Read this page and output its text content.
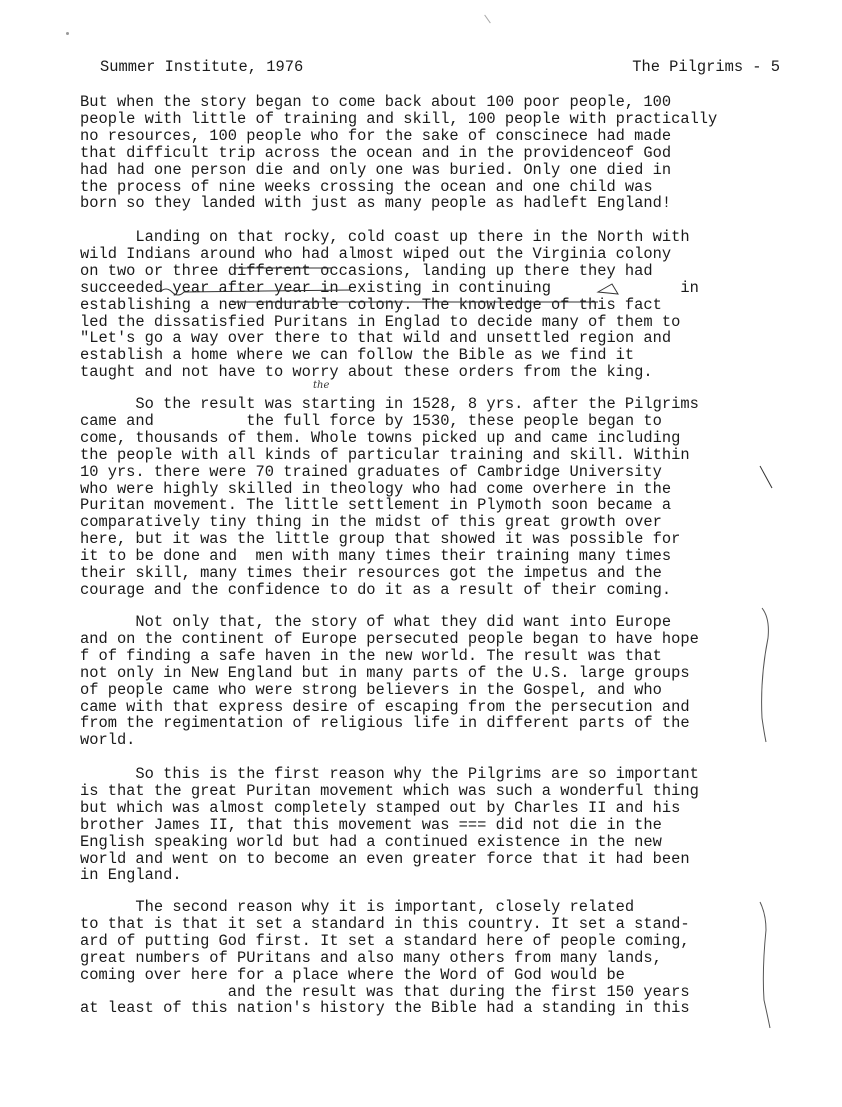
Summer Institute, 1976	The Pilgrims - 5
But when the story began to come back about 100 poor people, 100
people with little of training and skill, 100 people with practically
no resources, 100 people who for the sake of conscinece had made
that difficult trip across the ocean and in the providenceof God
had had one person die and only one was buried. Only one died in
the process of nine weeks crossing the ocean and one child was
born so they landed with just as many people as hadleft England!
Landing on that rocky, cold coast up there in the North with
wild Indians around who had almost wiped out the Virginia colony
on two or three different occasions, landing up there they had
succeeded year after year in existing in continuing              in
establishing a new endurable colony. The knowledge of this fact
led the dissatisfied Puritans in Englad to decide many of them to
"Let's go a way over there to that wild and unsettled region and
establish a home where we can follow the Bible as we find it
taught and not have to worry about these orders from the king.
So the result was starting in 1528, 8 yrs. after the Pilgrims
came and          the full force by 1530, these people began to
come, thousands of them. Whole towns picked up and came including
the people with all kinds of particular training and skill. Within
10 yrs. there were 70 trained graduates of Cambridge University
who were highly skilled in theology who had come overhere in the
Puritan movement. The little settlement in Plymoth soon became a
comparatively tiny thing in the midst of this great growth over
here, but it was the little group that showed it was possible for
it to be done and  men with many times their training many times
their skill, many times their resources got the impetus and the
courage and the confidence to do it as a result of their coming.
Not only that, the story of what they did want into Europe
and on the continent of Europe persecuted people began to have hope
f of finding a safe haven in the new world. The result was that
not only in New England but in many parts of the U.S. large groups
of people came who were strong believers in the Gospel, and who
came with that express desire of escaping from the persecution and
from the regimentation of religious life in different parts of the
world.
So this is the first reason why the Pilgrims are so important
is that the great Puritan movement which was such a wonderful thing
but which was almost completely stamped out by Charles II and his
brother James II, that this movement was === did not die in the
English speaking world but had a continued existence in the new
world and went on to become an even greater force that it had been
in England.
The second reason why it is important, closely related
to that is that it set a standard in this country. It set a stand-
ard of putting God first. It set a standard here of people coming,
great numbers of PUritans and also many others from many lands,
coming over here for a place where the Word of God would be
and the result was that during the first 150 years
at least of this nation's history the Bible had a standing in this
the
